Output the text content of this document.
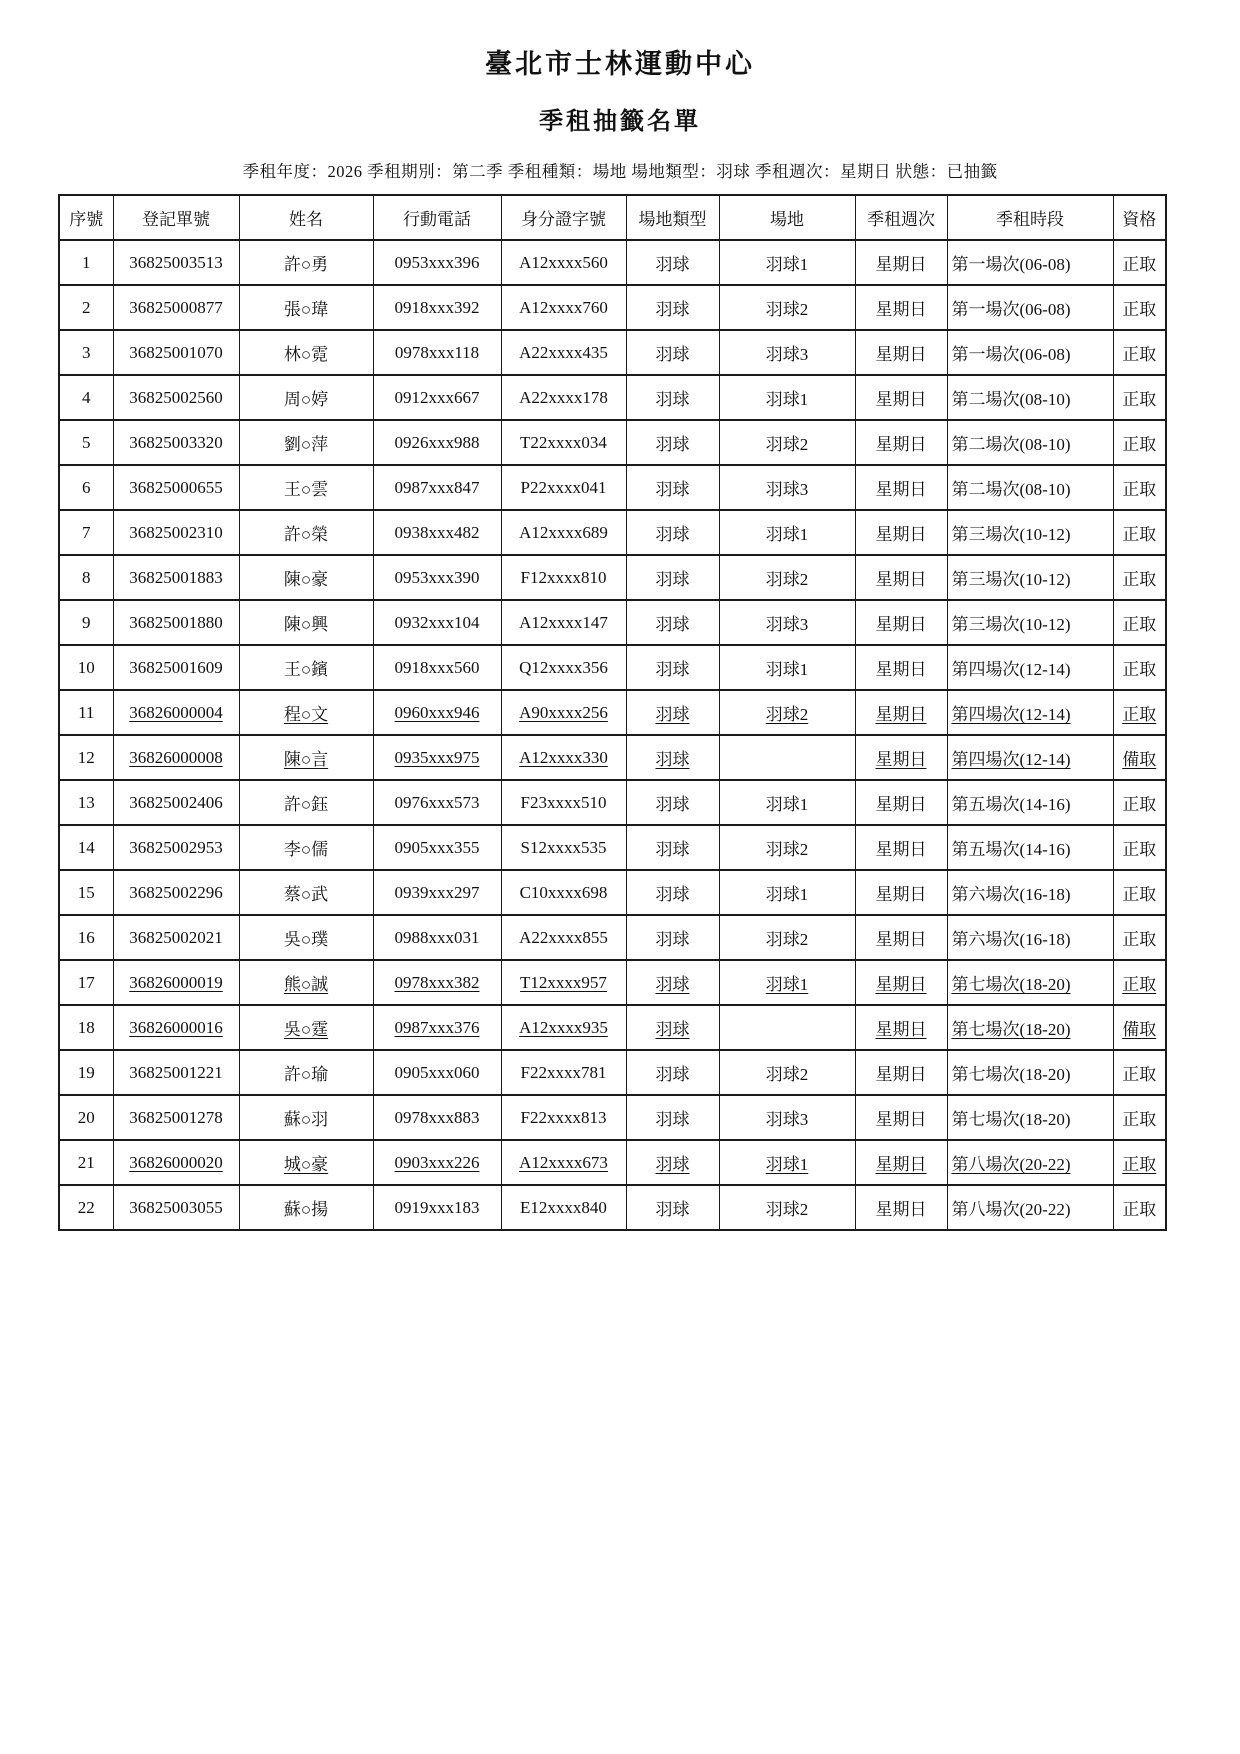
臺北市士林運動中心
季租抽籤名單
季租年度：2026 季租期別：第二季 季租種類：場地 場地類型：羽球 季租週次：星期日 狀態：已抽籤
序號	登記單號	姓名	行動電話	身分證字號	場地類型	場地	季租週次	季租時段	資格
1	36825003513	許○勇	0953xxx396	A12xxxx560	羽球	羽球1	星期日	第一場次(06-08)	正取
2	36825000877	張○瑋	0918xxx392	A12xxxx760	羽球	羽球2	星期日	第一場次(06-08)	正取
3	36825001070	林○霓	0978xxx118	A22xxxx435	羽球	羽球3	星期日	第一場次(06-08)	正取
4	36825002560	周○婷	0912xxx667	A22xxxx178	羽球	羽球1	星期日	第二場次(08-10)	正取
5	36825003320	劉○萍	0926xxx988	T22xxxx034	羽球	羽球2	星期日	第二場次(08-10)	正取
6	36825000655	王○雲	0987xxx847	P22xxxx041	羽球	羽球3	星期日	第二場次(08-10)	正取
7	36825002310	許○榮	0938xxx482	A12xxxx689	羽球	羽球1	星期日	第三場次(10-12)	正取
8	36825001883	陳○豪	0953xxx390	F12xxxx810	羽球	羽球2	星期日	第三場次(10-12)	正取
9	36825001880	陳○興	0932xxx104	A12xxxx147	羽球	羽球3	星期日	第三場次(10-12)	正取
10	36825001609	王○鑌	0918xxx560	Q12xxxx356	羽球	羽球1	星期日	第四場次(12-14)	正取
11	36826000004	程○文	0960xxx946	A90xxxx256	羽球	羽球2	星期日	第四場次(12-14)	正取
12	36826000008	陳○言	0935xxx975	A12xxxx330	羽球		星期日	第四場次(12-14)	備取
13	36825002406	許○鈺	0976xxx573	F23xxxx510	羽球	羽球1	星期日	第五場次(14-16)	正取
14	36825002953	李○儒	0905xxx355	S12xxxx535	羽球	羽球2	星期日	第五場次(14-16)	正取
15	36825002296	蔡○武	0939xxx297	C10xxxx698	羽球	羽球1	星期日	第六場次(16-18)	正取
16	36825002021	吳○璞	0988xxx031	A22xxxx855	羽球	羽球2	星期日	第六場次(16-18)	正取
17	36826000019	熊○誠	0978xxx382	T12xxxx957	羽球	羽球1	星期日	第七場次(18-20)	正取
18	36826000016	吳○霆	0987xxx376	A12xxxx935	羽球		星期日	第七場次(18-20)	備取
19	36825001221	許○瑜	0905xxx060	F22xxxx781	羽球	羽球2	星期日	第七場次(18-20)	正取
20	36825001278	蘇○羽	0978xxx883	F22xxxx813	羽球	羽球3	星期日	第七場次(18-20)	正取
21	36826000020	城○豪	0903xxx226	A12xxxx673	羽球	羽球1	星期日	第八場次(20-22)	正取
22	36825003055	蘇○揚	0919xxx183	E12xxxx840	羽球	羽球2	星期日	第八場次(20-22)	正取
